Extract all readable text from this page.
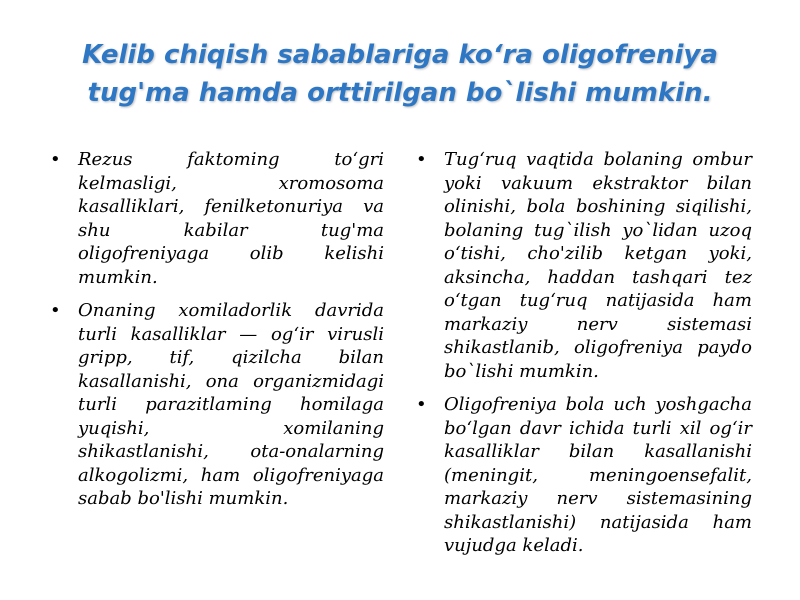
Kelib chiqish sabablariga ko‘ra oligofreniya
tug'ma hamda orttirilgan bo`lishi mumkin.
• Rezus faktoming to‘gri kelmasligi, xromosoma kasalliklari, fenilketonuriya va shu kabilar tug'ma oligofreniyaga olib kelishi mumkin.
• Onaning xomiladorlik davrida turli kasalliklar — og‘ir virusli gripp, tif, qizilcha bilan kasallanishi, ona organizmidagi turli parazitlaming homilaga yuqishi, xomilaning shikastlanishi, ota-onalarning alkogolizmi, ham oligofreniyaga sabab bo'lishi mumkin.
• Tug‘ruq vaqtida bolaning ombur yoki vakuum ekstraktor bilan olinishi, bola boshining siqilishi, bolaning tug`ilish yo`lidan uzoq o‘tishi, cho'zilib ketgan yoki, aksincha, haddan tashqari tez o‘tgan tug‘ruq natijasida ham markaziy nerv sistemasi shikastlanib, oligofreniya paydo bo`lishi mumkin.
• Oligofreniya bola uch yoshgacha bo‘lgan davr ichida turli xil og‘ir kasalliklar bilan kasallanishi (meningit, meningoensefalit, markaziy nerv sistemasining shikastlanishi) natijasida ham vujudga keladi.
